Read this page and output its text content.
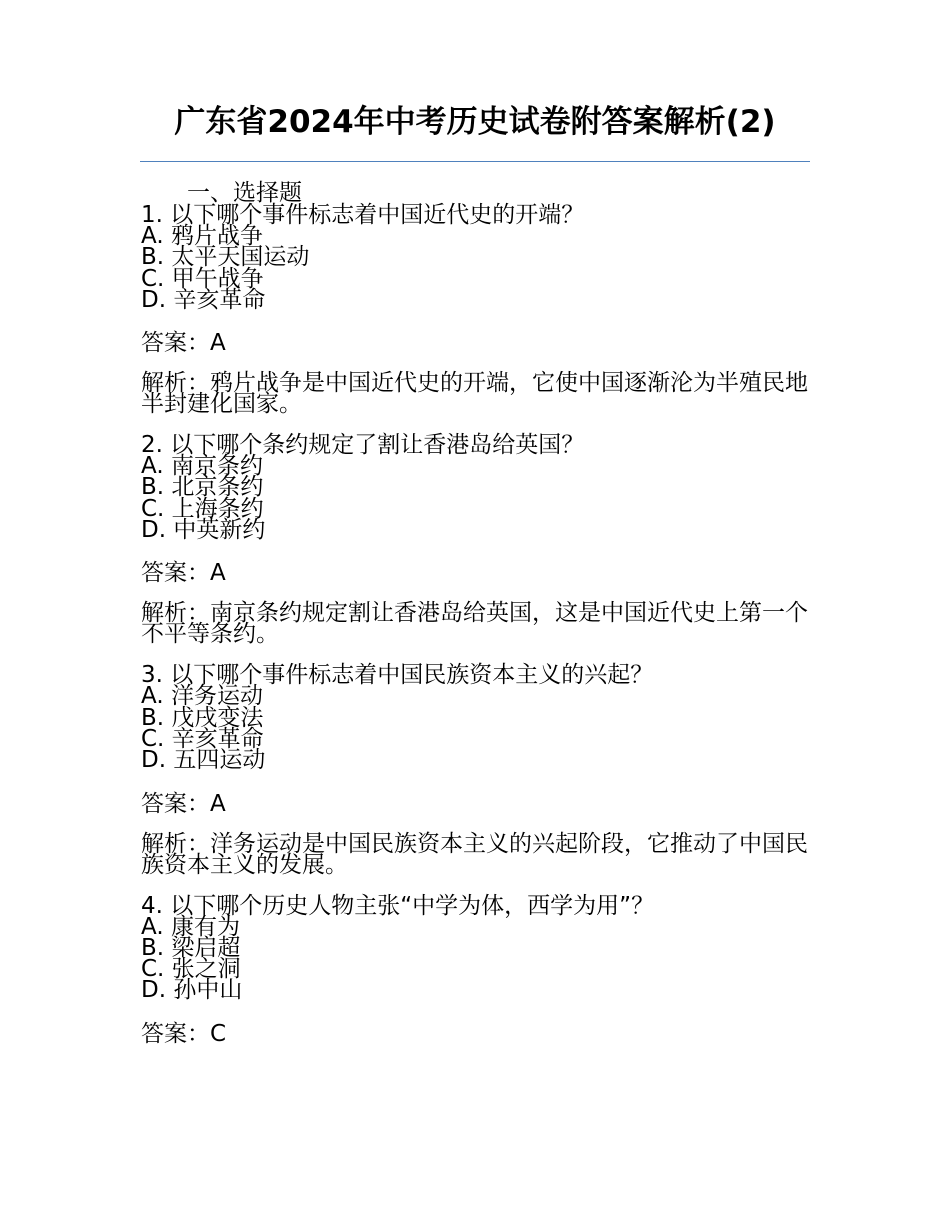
广东省2024年中考历史试卷附答案解析(2)

一、选择题

1. 以下哪个事件标志着中国近代史的开端？

A. 鸦片战争
B. 太平天国运动
C. 甲午战争
D. 辛亥革命

答案：A

解析：鸦片战争是中国近代史的开端，它使中国逐渐沦为半殖民地半封建化国家。

2. 以下哪个条约规定了割让香港岛给英国？

A. 南京条约
B. 北京条约
C. 上海条约
D. 中英新约

答案：A

解析：南京条约规定割让香港岛给英国，这是中国近代史上第一个不平等条约。

3. 以下哪个事件标志着中国民族资本主义的兴起？

A. 洋务运动
B. 戊戌变法
C. 辛亥革命
D. 五四运动

答案：A

解析：洋务运动是中国民族资本主义的兴起阶段，它推动了中国民族资本主义的发展。

4. 以下哪个历史人物主张“中学为体，西学为用”？

A. 康有为
B. 梁启超
C. 张之洞
D. 孙中山

答案：C
